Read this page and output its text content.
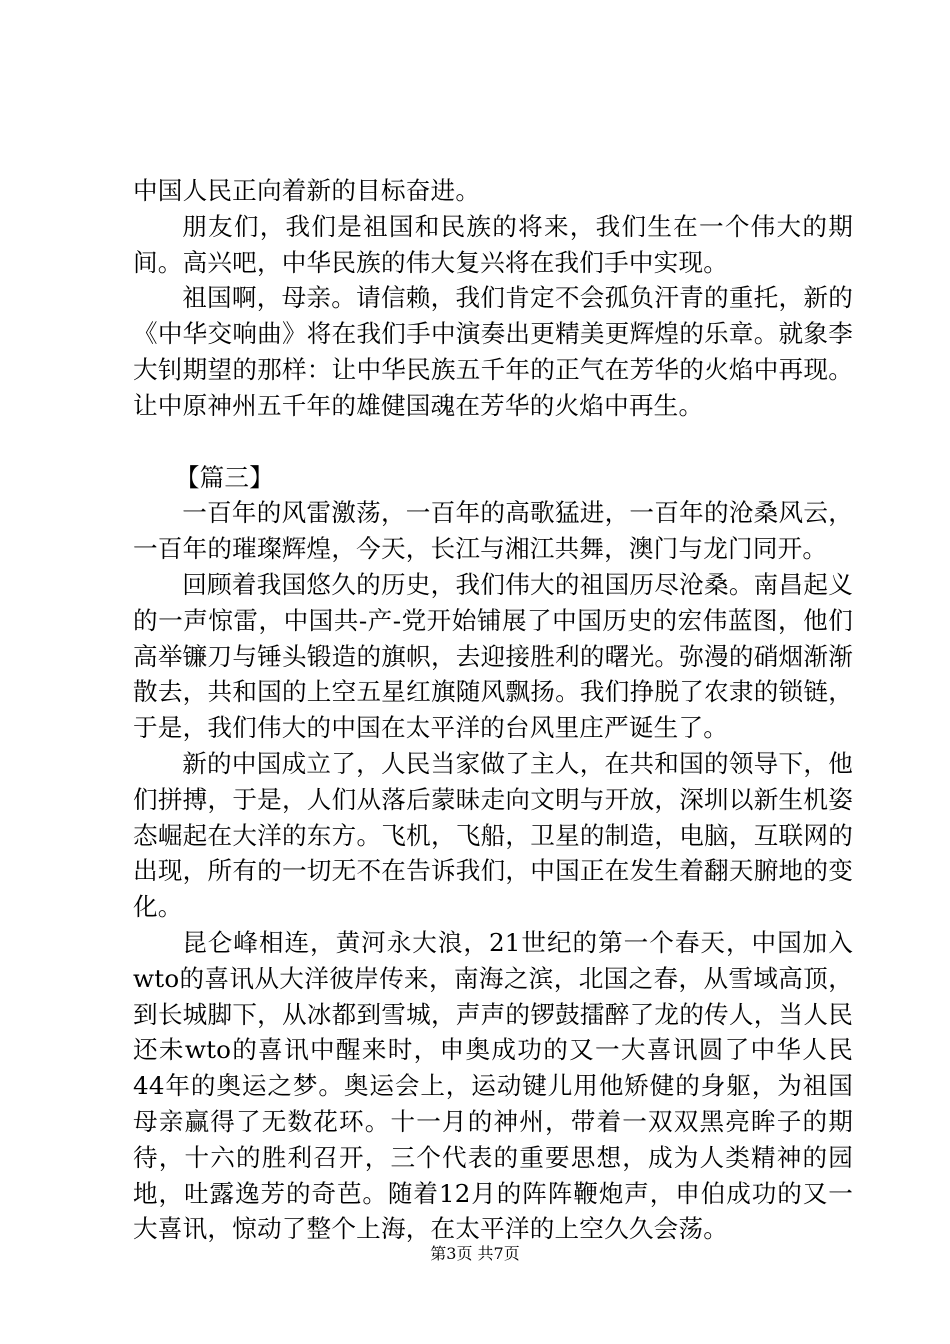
中国人民正向着新的目标奋进。

朋友们，我们是祖国和民族的将来，我们生在一个伟大的期间。高兴吧，中华民族的伟大复兴将在我们手中实现。

祖国啊，母亲。请信赖，我们肯定不会孤负汗青的重托，新的《中华交响曲》将在我们手中演奏出更精美更辉煌的乐章。就象李大钊期望的那样：让中华民族五千年的正气在芳华的火焰中再现。让中原神州五千年的雄健国魂在芳华的火焰中再生。

【篇三】

一百年的风雷激荡，一百年的高歌猛进，一百年的沧桑风云，一百年的璀璨辉煌，今天，长江与湘江共舞，澳门与龙门同开。

回顾着我国悠久的历史，我们伟大的祖国历尽沧桑。南昌起义的一声惊雷，中国共-产-党开始铺展了中国历史的宏伟蓝图，他们高举镰刀与锤头锻造的旗帜，去迎接胜利的曙光。弥漫的硝烟渐渐散去，共和国的上空五星红旗随风飘扬。我们挣脱了农隶的锁链，于是，我们伟大的中国在太平洋的台风里庄严诞生了。

新的中国成立了，人民当家做了主人，在共和国的领导下，他们拼搏，于是，人们从落后蒙昧走向文明与开放，深圳以新生机姿态崛起在大洋的东方。飞机，飞船，卫星的制造，电脑，互联网的出现，所有的一切无不在告诉我们，中国正在发生着翻天腑地的变化。

昆仑峰相连，黄河永大浪，21世纪的第一个春天，中国加入wto的喜讯从大洋彼岸传来，南海之滨，北国之春，从雪域高顶，到长城脚下，从冰都到雪城，声声的锣鼓擂醉了龙的传人，当人民还未wto的喜讯中醒来时，申奥成功的又一大喜讯圆了中华人民44年的奥运之梦。奥运会上，运动键儿用他矫健的身躯，为祖国母亲赢得了无数花环。十一月的神州，带着一双双黑亮眸子的期待，十六的胜利召开，三个代表的重要思想，成为人类精神的园地，吐露逸芳的奇芭。随着12月的阵阵鞭炮声，申伯成功的又一大喜讯，惊动了整个上海，在太平洋的上空久久会荡。

第3页 共7页
